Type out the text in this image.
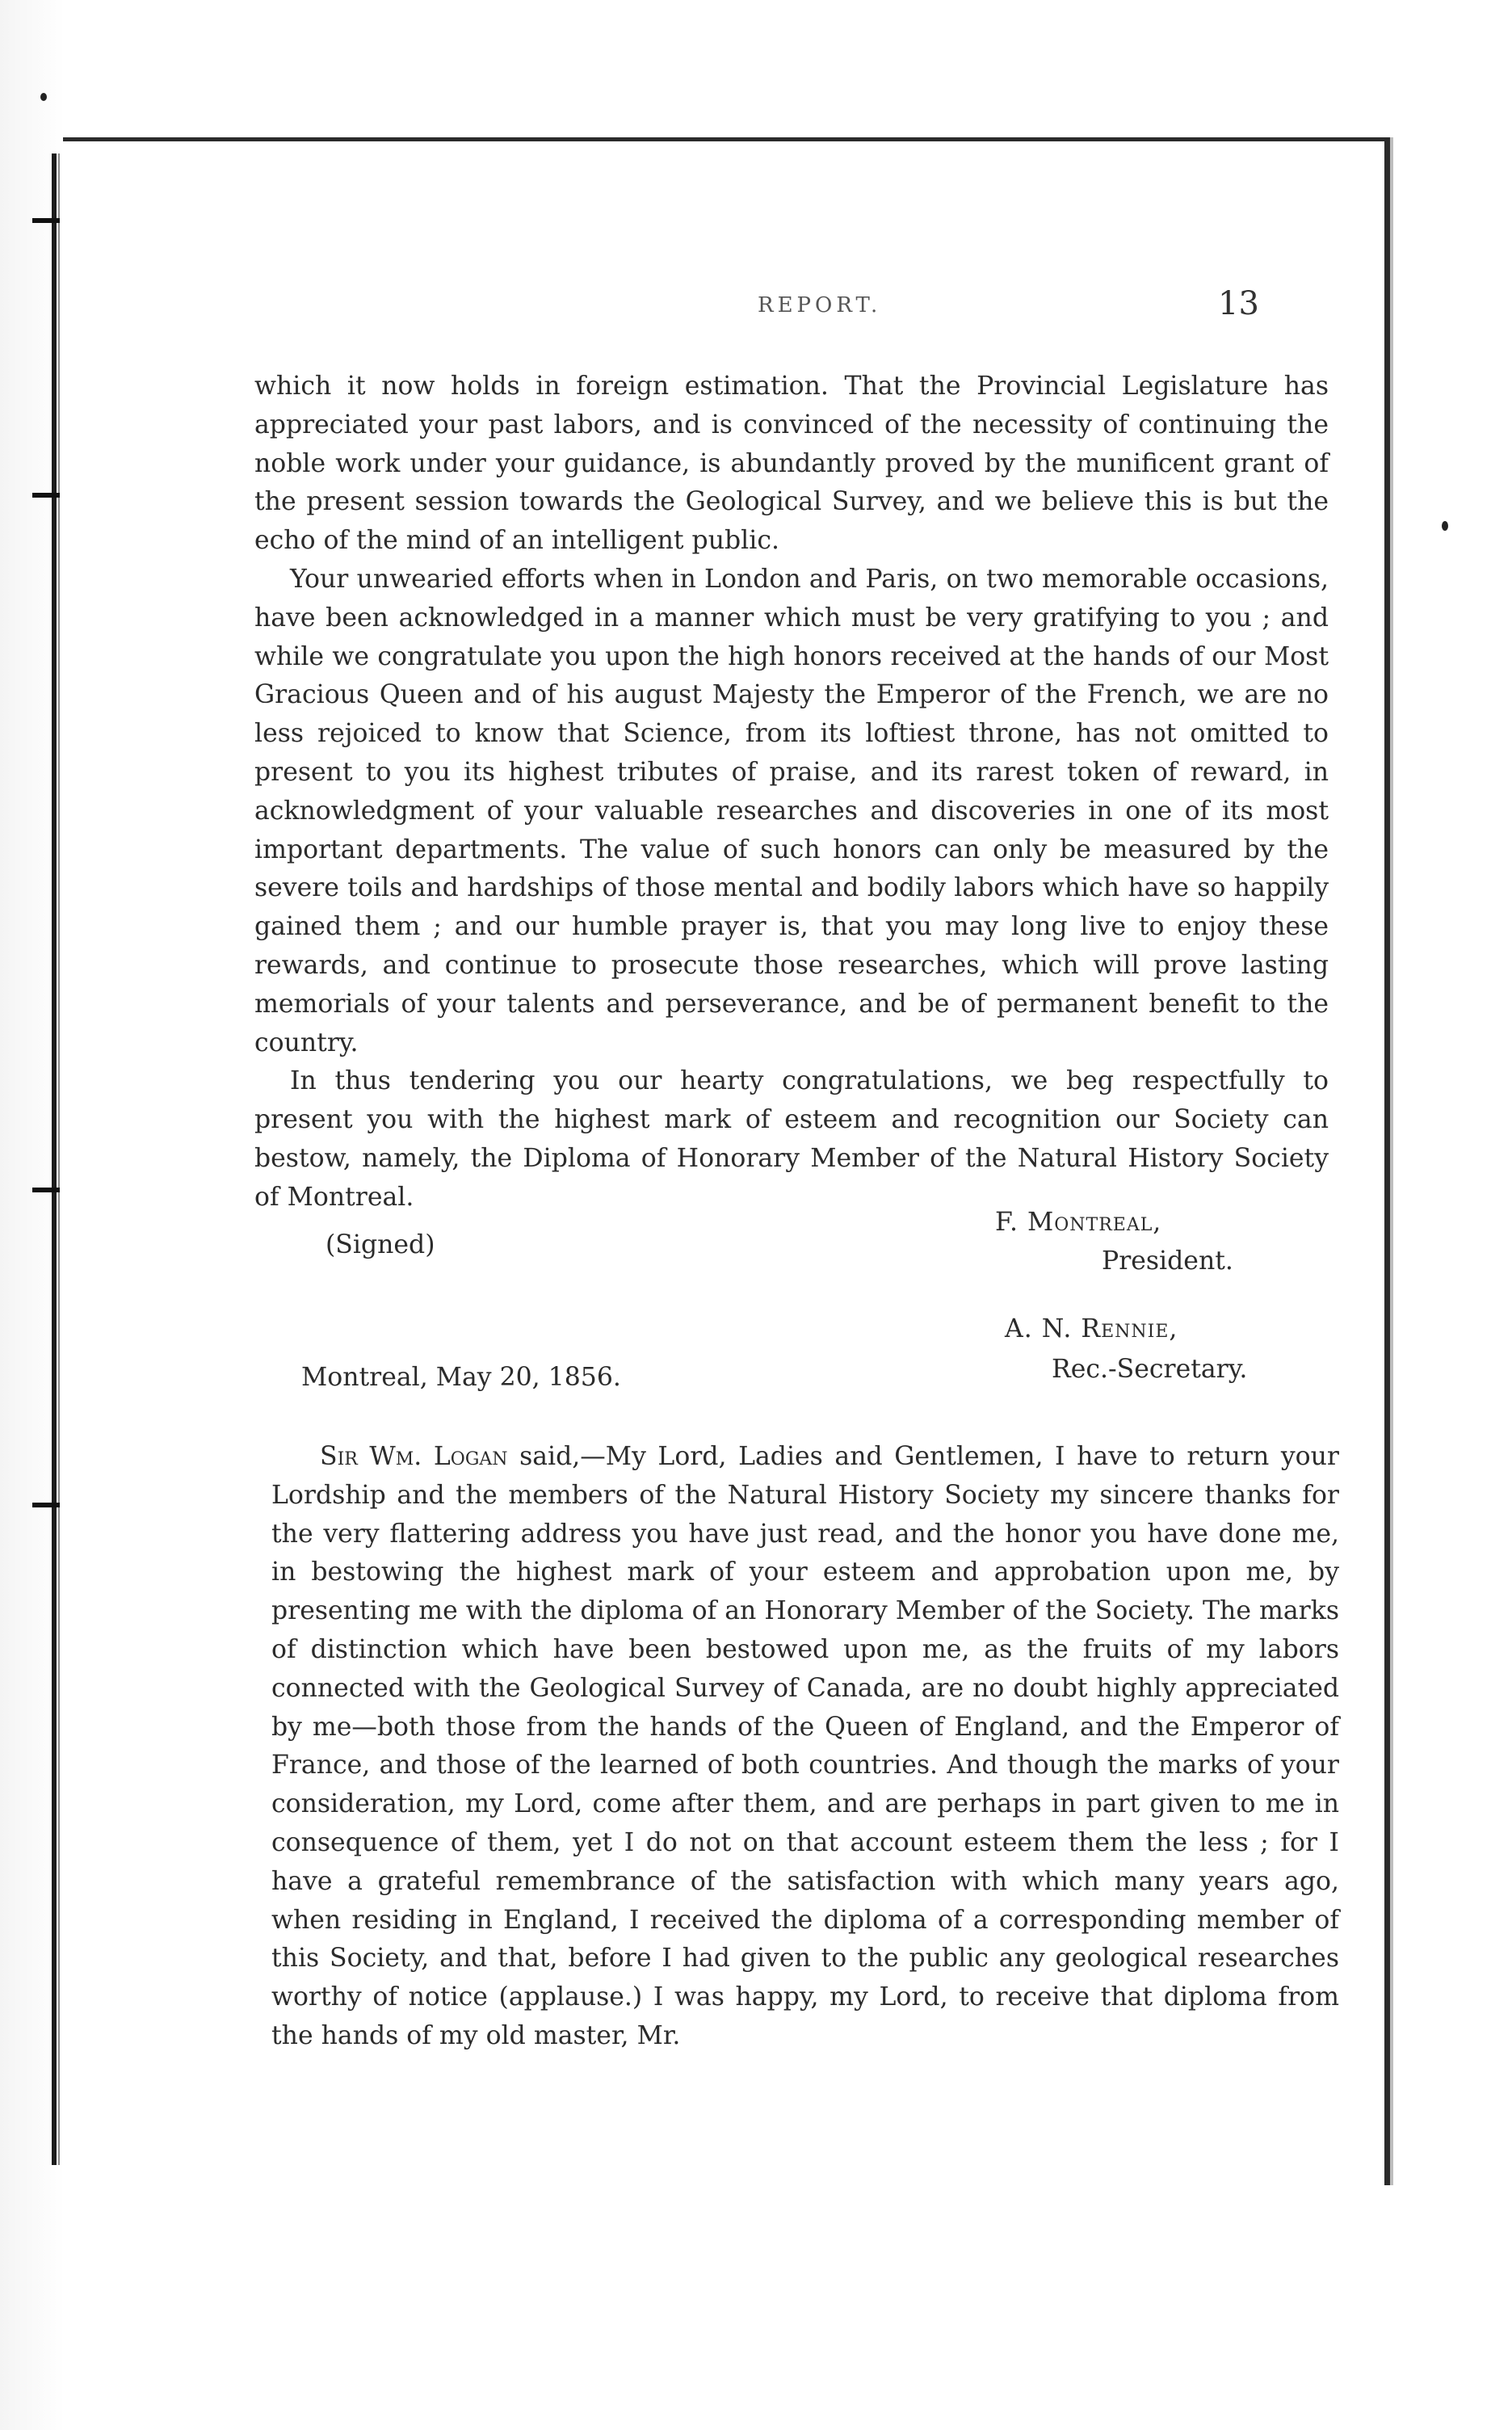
REPORT.	13

which it now holds in foreign estimation. That the Provincial Legislature has appreciated your past labors, and is convinced of the necessity of continuing the noble work under your guidance, is abundantly proved by the munificent grant of the present session towards the Geological Survey, and we believe this is but the echo of the mind of an intelligent public.

Your unwearied efforts when in London and Paris, on two memorable occasions, have been acknowledged in a manner which must be very gratifying to you ; and while we congratulate you upon the high honors received at the hands of our Most Gracious Queen and of his august Majesty the Emperor of the French, we are no less rejoiced to know that Science, from its loftiest throne, has not omitted to present to you its highest tributes of praise, and its rarest token of reward, in acknowledgment of your valuable researches and discoveries in one of its most important departments. The value of such honors can only be measured by the severe toils and hardships of those mental and bodily labors which have so happily gained them ; and our humble prayer is, that you may long live to enjoy these rewards, and continue to prosecute those researches, which will prove lasting memorials of your talents and perseverance, and be of permanent benefit to the country.

In thus tendering you our hearty congratulations, we beg respectfully to present you with the highest mark of esteem and recognition our Society can bestow, namely, the Diploma of Honorary Member of the Natural History Society of Montreal.

(Signed)
F. Montreal,
President.
A. N. Rennie,
Rec.-Secretary.
Montreal, May 20, 1856.

Sir Wm. Logan said,—My Lord, Ladies and Gentlemen, I have to return your Lordship and the members of the Natural History Society my sincere thanks for the very flattering address you have just read, and the honor you have done me, in bestowing the highest mark of your esteem and approbation upon me, by presenting me with the diploma of an Honorary Member of the Society. The marks of distinction which have been bestowed upon me, as the fruits of my labors connected with the Geological Survey of Canada, are no doubt highly appreciated by me—both those from the hands of the Queen of England, and the Emperor of France, and those of the learned of both countries. And though the marks of your consideration, my Lord, come after them, and are perhaps in part given to me in consequence of them, yet I do not on that account esteem them the less ; for I have a grateful remembrance of the satisfaction with which many years ago, when residing in England, I received the diploma of a corresponding member of this Society, and that, before I had given to the public any geological researches worthy of notice (applause.) I was happy, my Lord, to receive that diploma from the hands of my old master, Mr.
